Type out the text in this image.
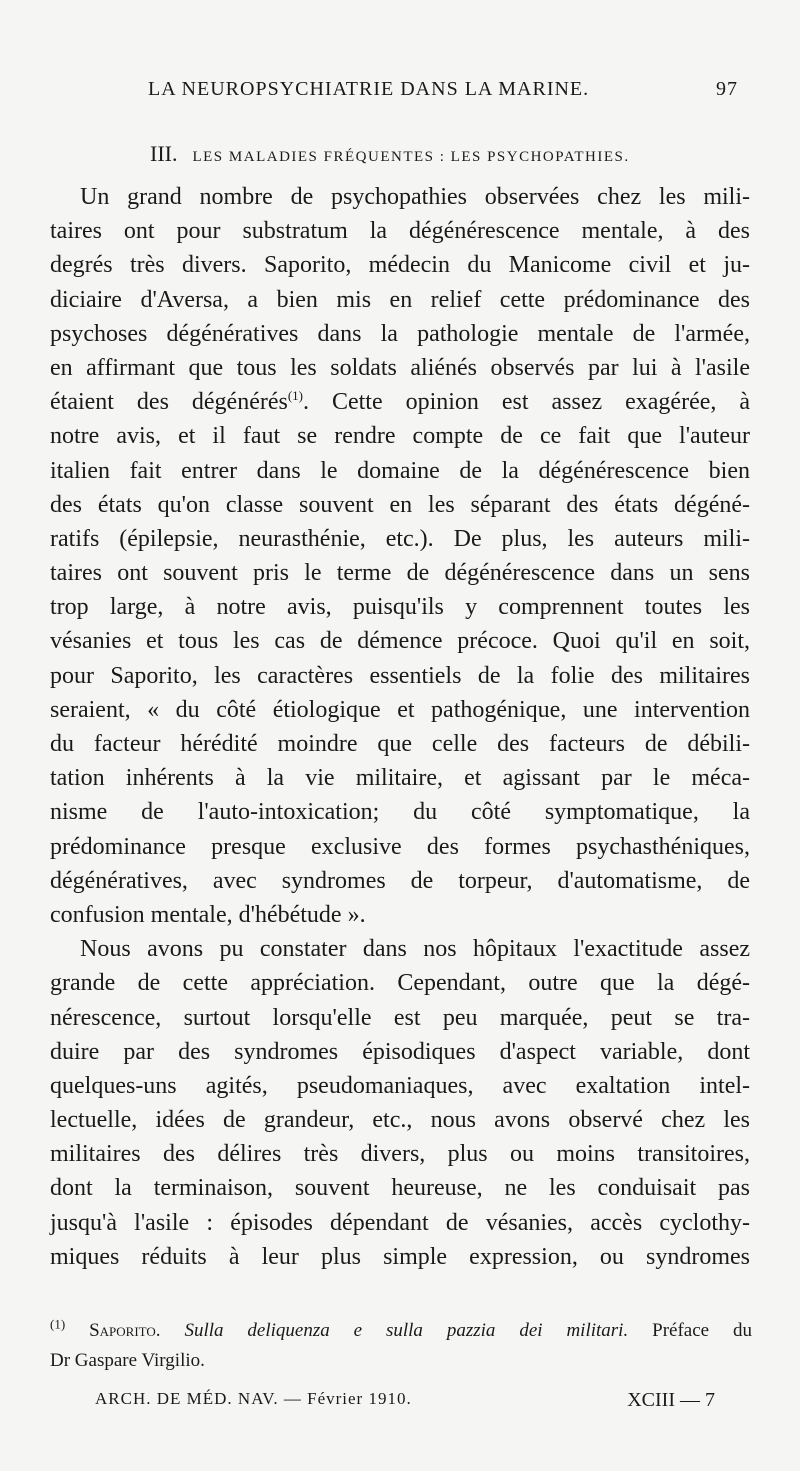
LA NEUROPSYCHIATRIE DANS LA MARINE.	97
III. LES MALADIES FRÉQUENTES : LES PSYCHOPATHIES.
Un grand nombre de psychopathies observées chez les mili-
taires ont pour substratum la dégénérescence mentale, à des
degrés très divers. Saporito, médecin du Manicome civil et ju-
diciaire d'Aversa, a bien mis en relief cette prédominance des
psychoses dégénératives dans la pathologie mentale de l'armée,
en affirmant que tous les soldats aliénés observés par lui à l'asile
étaient des dégénérés$^{(1)}$. Cette opinion est assez exagérée, à
notre avis, et il faut se rendre compte de ce fait que l'auteur
italien fait entrer dans le domaine de la dégénérescence bien
des états qu'on classe souvent en les séparant des états dégéné-
ratifs (épilepsie, neurasthénie, etc.). De plus, les auteurs mili-
taires ont souvent pris le terme de dégénérescence dans un sens
trop large, à notre avis, puisqu'ils y comprennent toutes les
vésanies et tous les cas de démence précoce. Quoi qu'il en soit,
pour Saporito, les caractères essentiels de la folie des militaires
seraient, « du côté étiologique et pathogénique, une intervention
du facteur hérédité moindre que celle des facteurs de débili-
tation inhérents à la vie militaire, et agissant par le méca-
nisme de l'auto-intoxication; du côté symptomatique, la
prédominance presque exclusive des formes psychasthéniques,
dégénératives, avec syndromes de torpeur, d'automatisme, de
confusion mentale, d'hébétude ».
Nous avons pu constater dans nos hôpitaux l'exactitude assez
grande de cette appréciation. Cependant, outre que la dégé-
nérescence, surtout lorsqu'elle est peu marquée, peut se tra-
duire par des syndromes épisodiques d'aspect variable, dont
quelques-uns agités, pseudomaniaques, avec exaltation intel-
lectuelle, idées de grandeur, etc., nous avons observé chez les
militaires des délires très divers, plus ou moins transitoires,
dont la terminaison, souvent heureuse, ne les conduisait pas
jusqu'à l'asile : épisodes dépendant de vésanies, accès cyclothy-
miques réduits à leur plus simple expression, ou syndromes
$^{(1)}$ Saporito. Sulla deliquenza e sulla pazzia dei militari. Préface du
Dr Gaspare Virgilio.
ARCH. DE MÉD. NAV. — Février 1910.	XCIII — 7
